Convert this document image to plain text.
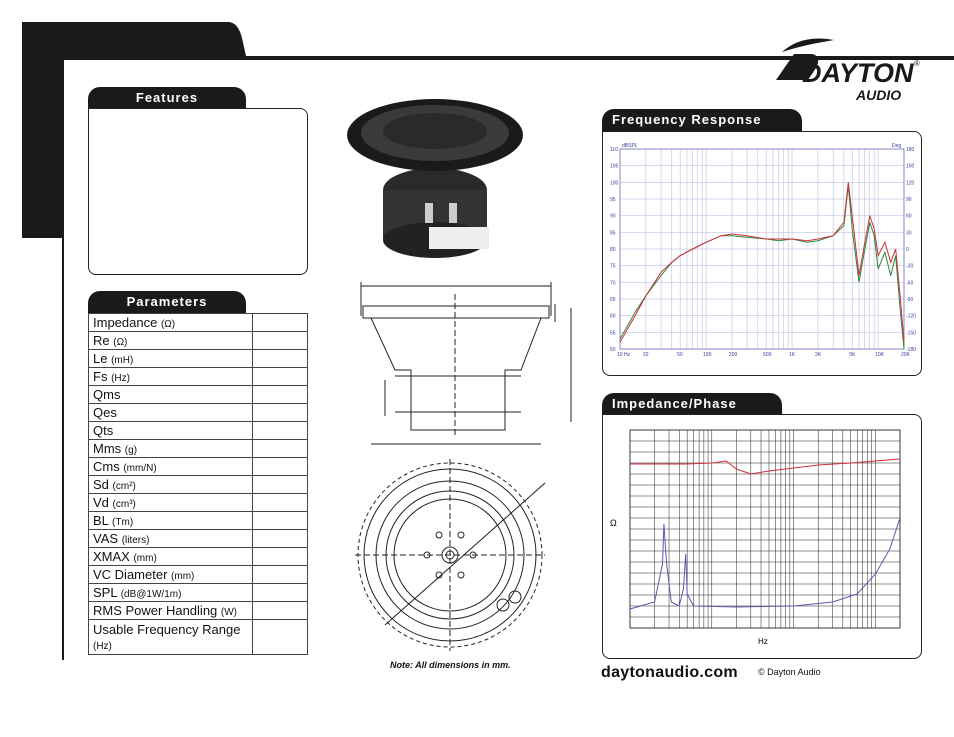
DAYTON ®
AUDIO
Features
Parameters
Impedance (Ω)	
Re (Ω)	
Le (mH)	
Fs (Hz)	
Qms	
Qes	
Qts	
Mms (g)	
Cms (mm/N)	
Sd (cm²)	
Vd (cm³)	
BL (Tm)	
VAS (liters)	
XMAX (mm)	
VC Diameter (mm)	
SPL (dB@1W/1m)	
RMS Power Handling (W)	
Usable Frequency Range (Hz)	
Note: All dimensions in mm.
Frequency Response
dBSPL	Deg
110
105
100
95
90
85
80
75
70
65
60
55
50
180
150
120
90
60
30
0
-30
-60
-90
-120
-150
-180
10 Hz	20	50	100	200	500	1K	2K	5K	10K	20K
Impedance/Phase
Ω
Hz
daytonaudio.com © Dayton Audio
